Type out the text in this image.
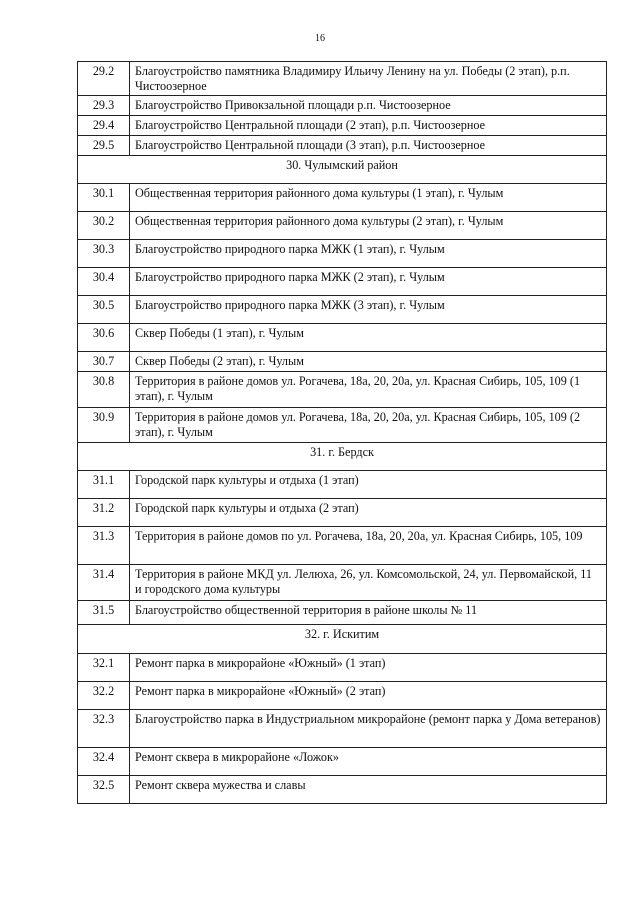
16
29.2	Благоустройство памятника Владимиру Ильичу Ленину на ул. Победы (2 этап), р.п. Чистоозерное
29.3	Благоустройство Привокзальной площади р.п. Чистоозерное
29.4	Благоустройство Центральной площади (2 этап), р.п. Чистоозерное
29.5	Благоустройство Центральной площади (3 этап), р.п. Чистоозерное
30. Чулымский район	
30.1	Общественная территория районного дома культуры (1 этап), г. Чулым
30.2	Общественная территория районного дома культуры (2 этап), г. Чулым
30.3	Благоустройство природного парка МЖК (1 этап), г. Чулым
30.4	Благоустройство природного парка МЖК (2 этап), г. Чулым
30.5	Благоустройство природного парка МЖК (3 этап), г. Чулым
30.6	Сквер Победы (1 этап), г. Чулым
30.7	Сквер Победы (2 этап), г. Чулым
30.8	Территория в районе домов ул. Рогачева, 18а, 20, 20а, ул. Красная Сибирь, 105, 109 (1 этап), г. Чулым
30.9	Территория в районе домов ул. Рогачева, 18а, 20, 20а, ул. Красная Сибирь, 105, 109 (2 этап), г. Чулым
31. г. Бердск	
31.1	Городской парк культуры и отдыха (1 этап)
31.2	Городской парк культуры и отдыха (2 этап)
31.3	Территория в районе домов по ул. Рогачева, 18а, 20, 20а, ул. Красная Сибирь, 105, 109
31.4	Территория в районе МКД ул. Лелюха, 26, ул. Комсомольской, 24, ул. Первомайской, 11 и городского дома культуры
31.5	Благоустройство общественной территория в районе школы № 11
32. г. Искитим	
32.1	Ремонт парка в микрорайоне «Южный» (1 этап)
32.2	Ремонт парка в микрорайоне «Южный» (2 этап)
32.3	Благоустройство парка в Индустриальном микрорайоне (ремонт парка у Дома ветеранов)
32.4	Ремонт сквера в микрорайоне «Ложок»
32.5	Ремонт сквера мужества и славы
